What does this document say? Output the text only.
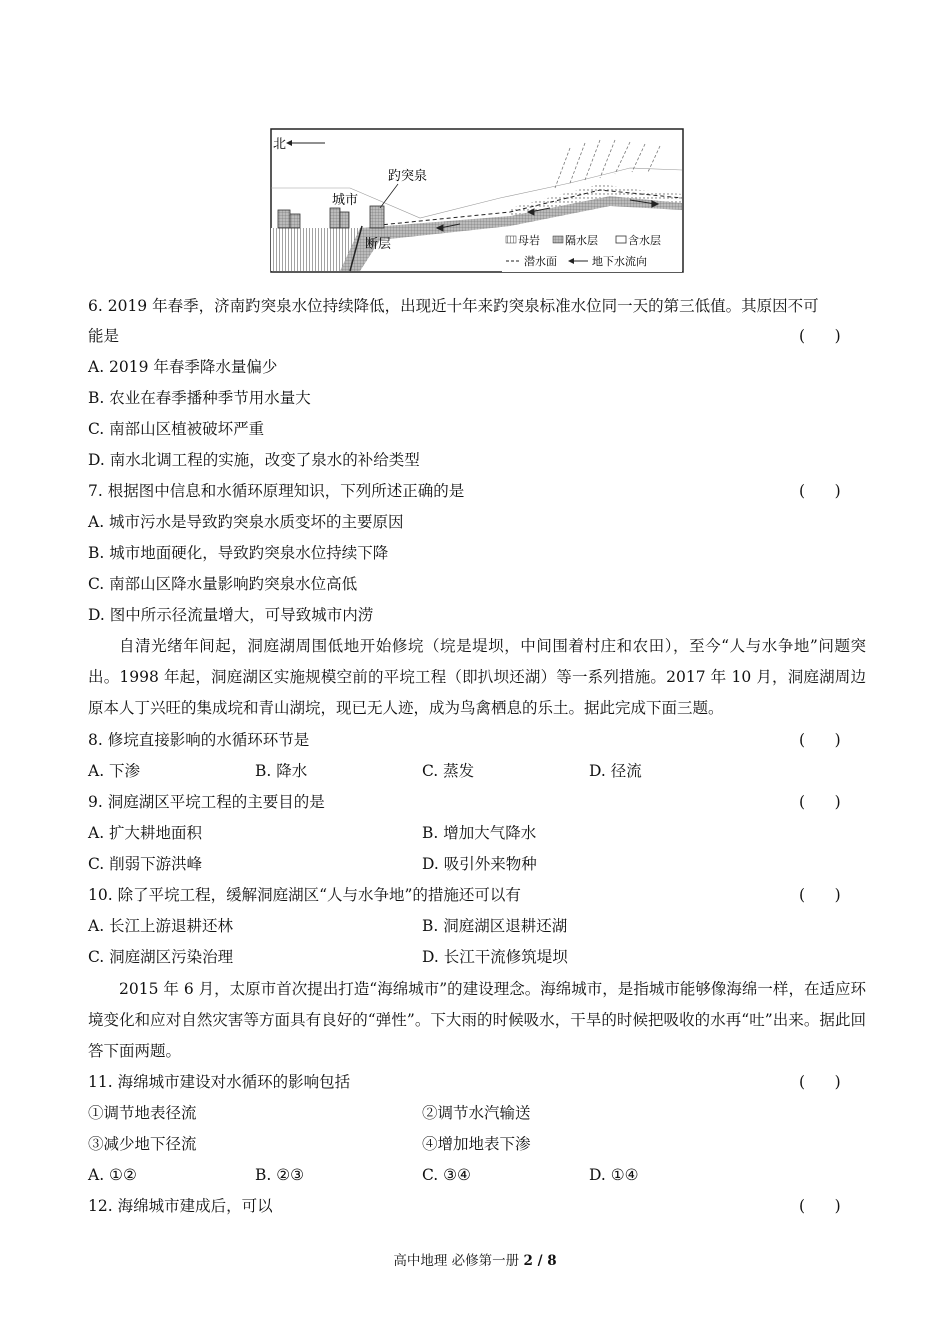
北
趵突泉
城市
断层	母岩 隔水层	含水层
潜水面	地下水流向
6. 2019 年春季，济南趵突泉水位持续降低，出现近十年来趵突泉标准水位同一天的第三低值。其原因不可
能是	(      )
A. 2019 年春季降水量偏少
B. 农业在春季播种季节用水量大
C. 南部山区植被破坏严重
D. 南水北调工程的实施，改变了泉水的补给类型
7. 根据图中信息和水循环原理知识，下列所述正确的是	(      )
A. 城市污水是导致趵突泉水质变坏的主要原因
B. 城市地面硬化，导致趵突泉水位持续下降
C. 南部山区降水量影响趵突泉水位高低
D. 图中所示径流量增大，可导致城市内涝
自清光绪年间起，洞庭湖周围低地开始修垸（垸是堤坝，中间围着村庄和农田），至今“人与水争地”问题突出。1998 年起，洞庭湖区实施规模空前的平垸工程（即扒坝还湖）等一系列措施。2017 年 10 月，洞庭湖周边原本人丁兴旺的集成垸和青山湖垸，现已无人迹，成为鸟禽栖息的乐土。据此完成下面三题。
8. 修垸直接影响的水循环环节是	(      )
A. 下渗	B. 降水	C. 蒸发	D. 径流
9. 洞庭湖区平垸工程的主要目的是	(      )
A. 扩大耕地面积	B. 增加大气降水
C. 削弱下游洪峰	D. 吸引外来物种
10. 除了平垸工程，缓解洞庭湖区“人与水争地”的措施还可以有	(      )
A. 长江上游退耕还林	B. 洞庭湖区退耕还湖
C. 洞庭湖区污染治理	D. 长江干流修筑堤坝
2015 年 6 月，太原市首次提出打造“海绵城市”的建设理念。海绵城市，是指城市能够像海绵一样，在适应环境变化和应对自然灾害等方面具有良好的“弹性”。下大雨的时候吸水，干旱的时候把吸收的水再“吐”出来。据此回答下面两题。
11. 海绵城市建设对水循环的影响包括	(      )
①调节地表径流	②调节水汽输送
③减少地下径流	④增加地表下渗
A. ①②	B. ②③	C. ③④	D. ①④
12. 海绵城市建成后，可以	(      )
高中地理 必修第一册 2 / 8
